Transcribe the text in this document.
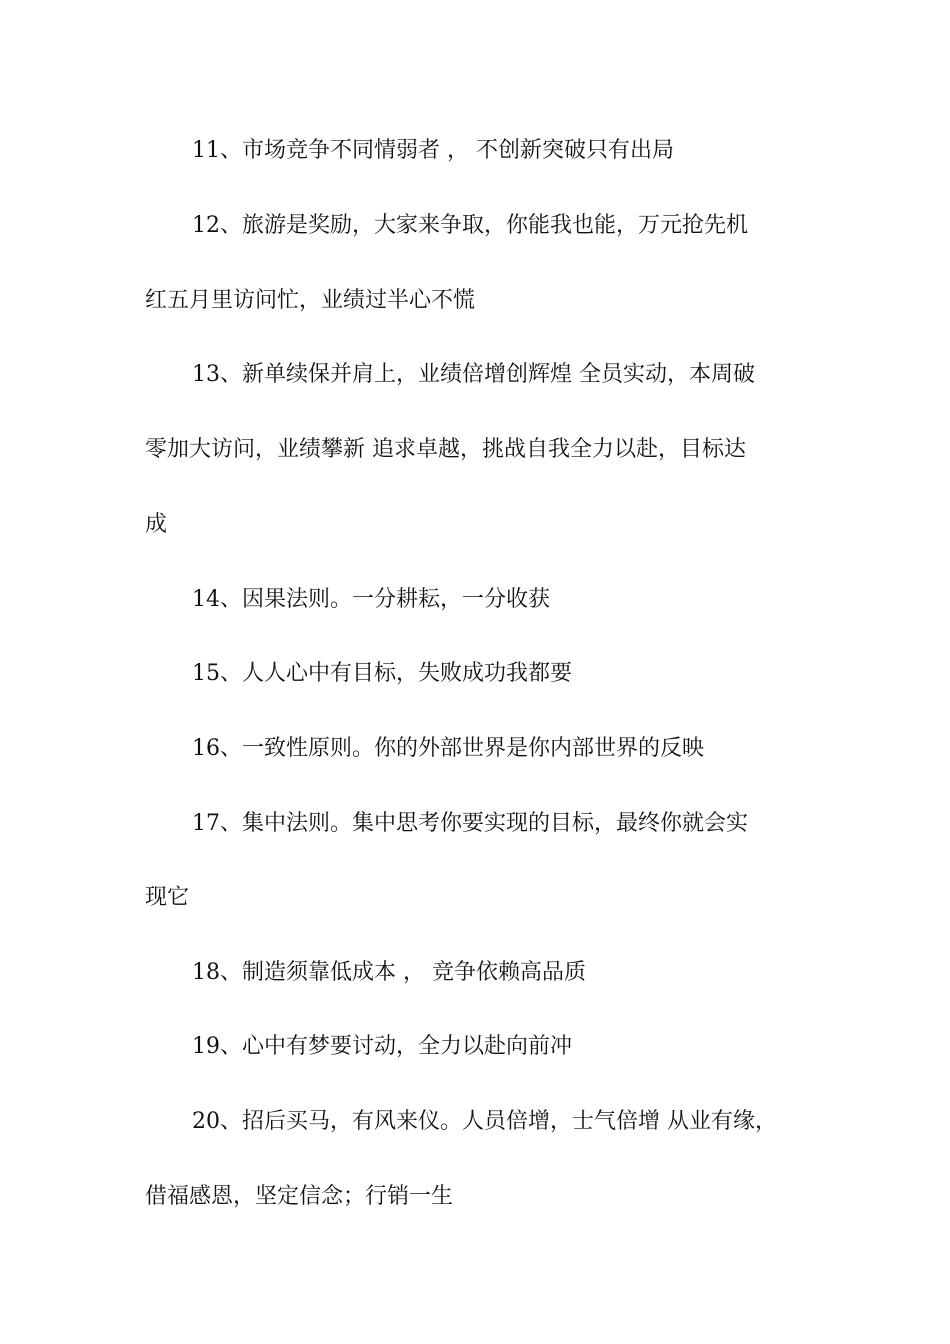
11、市场竞争不同情弱者 ， 不创新突破只有出局
12、旅游是奖励，大家来争取，你能我也能，万元抢先机
红五月里访问忙，业绩过半心不慌
13、新单续保并肩上，业绩倍增创辉煌 全员实动，本周破
零加大访问，业绩攀新 追求卓越，挑战自我全力以赴，目标达
成
14、因果法则。一分耕耘，一分收获
15、人人心中有目标，失败成功我都要
16、一致性原则。你的外部世界是你内部世界的反映
17、集中法则。集中思考你要实现的目标，最终你就会实
现它
18、制造须靠低成本 ， 竞争依赖高品质
19、心中有梦要讨动，全力以赴向前冲
20、招后买马，有风来仪。人员倍增，士气倍增 从业有缘，
借福感恩，坚定信念；行销一生
